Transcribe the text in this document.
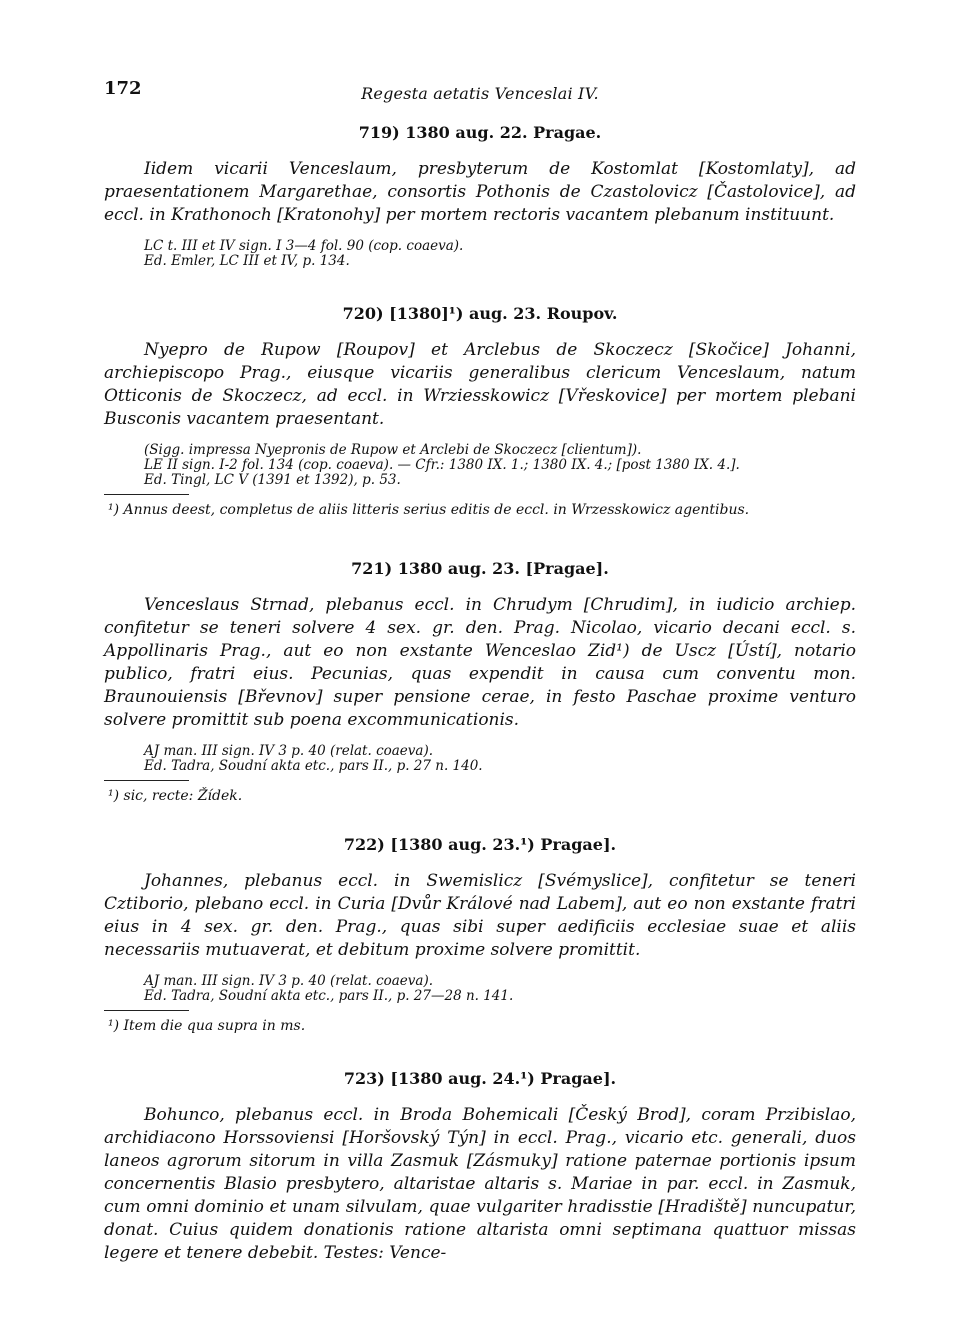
172	Regesta aetatis Venceslai IV.
719) 1380 aug. 22. Pragae.

Iidem vicarii Venceslaum, presbyterum de Kostomlat [Kostomlaty], ad praesentationem Margarethae, consortis Pothonis de Czastolovicz [Častolovice], ad eccl. in Krathonoch [Kratonohy] per mortem rectoris vacantem plebanum instituunt.

LC t. III et IV sign. I 3—4 fol. 90 (cop. coaeva).
Ed. Emler, LC III et IV, p. 134.
720) [1380]¹) aug. 23. Roupov.

Nyepro de Rupow [Roupov] et Arclebus de Skoczecz [Skočice] Johanni, archiepiscopo Prag., eiusque vicariis generalibus clericum Venceslaum, natum Otticonis de Skoczecz, ad eccl. in Wrziesskowicz [Vřeskovice] per mortem plebani Busconis vacantem praesentant.

(Sigg. impressa Nyepronis de Rupow et Arclebi de Skoczecz [clientum]).
LE II sign. I-2 fol. 134 (cop. coaeva). — Cfr.: 1380 IX. 1.; 1380 IX. 4.; [post 1380 IX. 4.].
Ed. Tingl, LC V (1391 et 1392), p. 53.
¹) Annus deest, completus de aliis litteris serius editis de eccl. in Wrzesskowicz agentibus.
721) 1380 aug. 23. [Pragae].

Venceslaus Strnad, plebanus eccl. in Chrudym [Chrudim], in iudicio archiep. confitetur se teneri solvere 4 sex. gr. den. Prag. Nicolao, vicario decani eccl. s. Appollinaris Prag., aut eo non exstante Wenceslao Zid¹) de Uscz [Ústí], notario publico, fratri eius. Pecunias, quas expendit in causa cum conventu mon. Braunouiensis [Břevnov] super pensione cerae, in festo Paschae proxime venturo solvere promittit sub poena excommunicationis.

AJ man. III sign. IV 3 p. 40 (relat. coaeva).
Ed. Tadra, Soudní akta etc., pars II., p. 27 n. 140.
¹) sic, recte: Žídek.
722) [1380 aug. 23.¹) Pragae].

Johannes, plebanus eccl. in Swemislicz [Svémyslice], confitetur se teneri Cztiborio, plebano eccl. in Curia [Dvůr Králové nad Labem], aut eo non exstante fratri eius in 4 sex. gr. den. Prag., quas sibi super aedificiis ecclesiae suae et aliis necessariis mutuaverat, et debitum proxime solvere promittit.

AJ man. III sign. IV 3 p. 40 (relat. coaeva).
Ed. Tadra, Soudní akta etc., pars II., p. 27—28 n. 141.
¹) Item die qua supra in ms.
723) [1380 aug. 24.¹) Pragae].

Bohunco, plebanus eccl. in Broda Bohemicali [Český Brod], coram Przibislao, archidiacono Horssoviensi [Horšovský Týn] in eccl. Prag., vicario etc. generali, duos laneos agrorum sitorum in villa Zasmuk [Zásmuky] ratione paternae portionis ipsum concernentis Blasio presbytero, altaristae altaris s. Mariae in par. eccl. in Zasmuk, cum omni dominio et unam silvulam, quae vulgariter hradisstie [Hradiště] nuncupatur, donat. Cuius quidem donationis ratione altarista omni septimana quattuor missas legere et tenere debebit. Testes: Vence-
